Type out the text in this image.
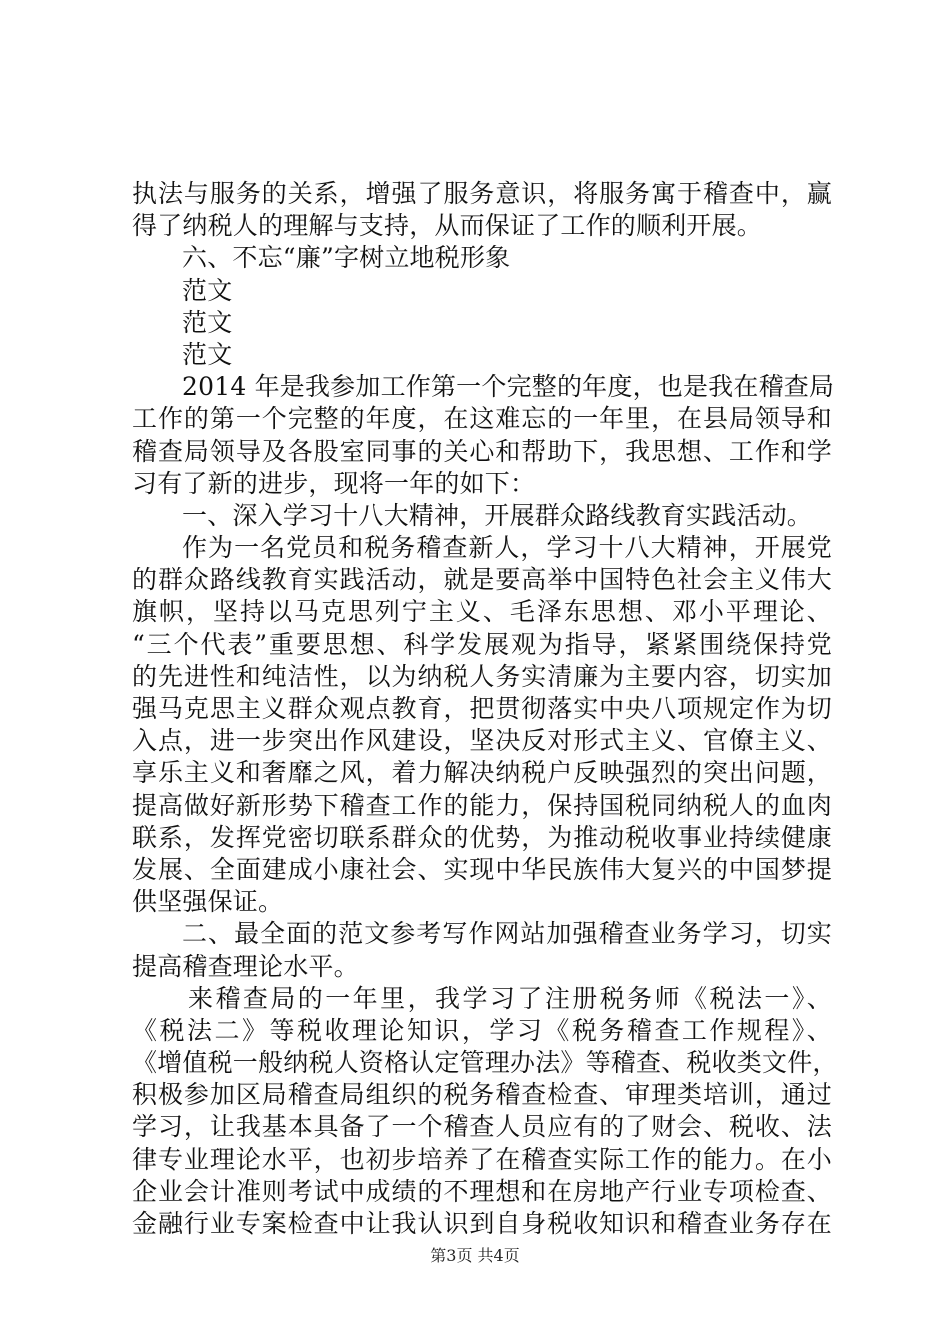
执法与服务的关系，增强了服务意识，将服务寓于稽查中，赢
得了纳税人的理解与支持，从而保证了工作的顺利开展。
六、不忘“廉”字树立地税形象
范文
范文
范文
2014 年是我参加工作第一个完整的年度，也是我在稽查局
工作的第一个完整的年度，在这难忘的一年里，在县局领导和
稽查局领导及各股室同事的关心和帮助下，我思想、工作和学
习有了新的进步，现将一年的如下：
一、深入学习十八大精神，开展群众路线教育实践活动。
作为一名党员和税务稽查新人，学习十八大精神，开展党
的群众路线教育实践活动，就是要高举中国特色社会主义伟大
旗帜，坚持以马克思列宁主义、毛泽东思想、邓小平理论、
“三个代表”重要思想、科学发展观为指导，紧紧围绕保持党
的先进性和纯洁性，以为纳税人务实清廉为主要内容，切实加
强马克思主义群众观点教育，把贯彻落实中央八项规定作为切
入点，进一步突出作风建设，坚决反对形式主义、官僚主义、
享乐主义和奢靡之风，着力解决纳税户反映强烈的突出问题，
提高做好新形势下稽查工作的能力，保持国税同纳税人的血肉
联系，发挥党密切联系群众的优势，为推动税收事业持续健康
发展、全面建成小康社会、实现中华民族伟大复兴的中国梦提
供坚强保证。
二、最全面的范文参考写作网站加强稽查业务学习，切实
提高稽查理论水平。
来稽查局的一年里，我学习了注册税务师《税法一》、
《税法二》等税收理论知识，学习《税务稽查工作规程》、
《增值税一般纳税人资格认定管理办法》等稽查、税收类文件，
积极参加区局稽查局组织的税务稽查检查、审理类培训，通过
学习，让我基本具备了一个稽查人员应有的了财会、税收、法
律专业理论水平，也初步培养了在稽查实际工作的能力。在小
企业会计准则考试中成绩的不理想和在房地产行业专项检查、
金融行业专案检查中让我认识到自身税收知识和稽查业务存在
第3页 共4页
